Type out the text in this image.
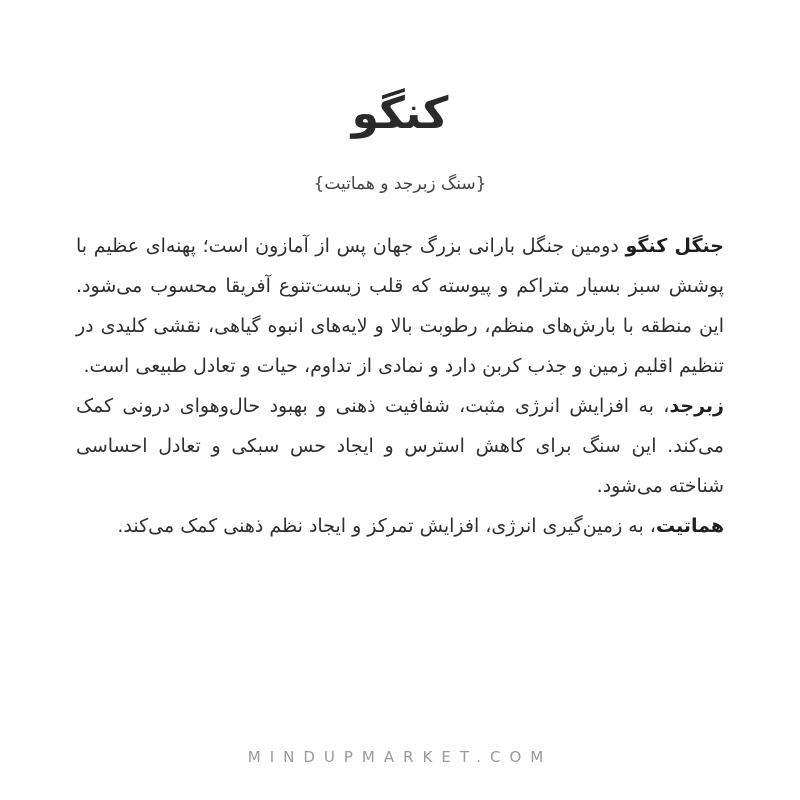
کنگو
{سنگ زبرجد و هماتیت}

جنگل کنگو دومین جنگل بارانی بزرگ جهان پس از آمازون است؛ پهنه‌ای عظیم با پوشش سبز بسیار متراکم و پیوسته که قلب زیست‌تنوع آفریقا محسوب می‌شود. این منطقه با بارش‌های منظم، رطوبت بالا و لایه‌های انبوه گیاهی، نقشی کلیدی در تنظیم اقلیم زمین و جذب کربن دارد و نمادی از تداوم، حیات و تعادل طبیعی است.

زبرجد، به افزایش انرژی مثبت، شفافیت ذهنی و بهبود حال‌وهوای درونی کمک می‌کند. این سنگ برای کاهش استرس و ایجاد حس سبکی و تعادل احساسی شناخته می‌شود.

هماتیت، به زمین‌گیری انرژی، افزایش تمرکز و ایجاد نظم ذهنی کمک می‌کند.

MINDUPMARKET.COM
